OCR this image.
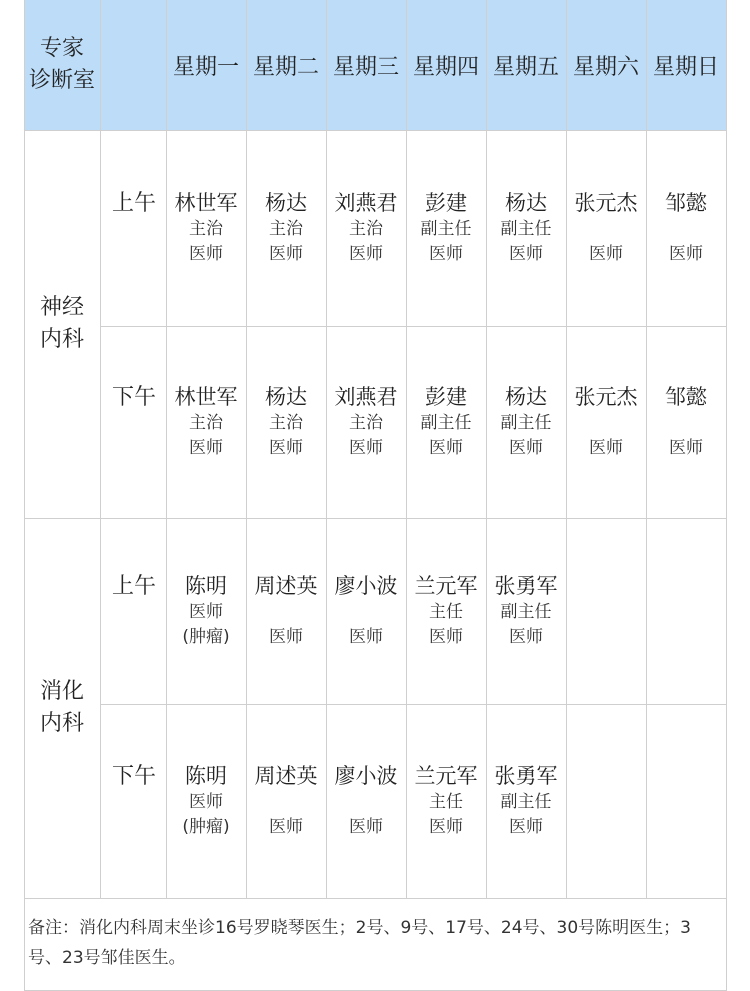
专家
诊断室
星期一 星期二 星期三 星期四 星期五 星期六 星期日
神经
内科
上午 林世军
主治
医师
杨达
主治
医师
刘燕君
主治
医师
彭建
副主任
医师
杨达
副主任
医师
张元杰

医师
邹懿

医师
下午 林世军
主治
医师
杨达
主治
医师
刘燕君
主治
医师
彭建
副主任
医师
杨达
副主任
医师
张元杰

医师
邹懿

医师
消化
内科
上午	陈明
医师
(肿瘤)
周述英

医师
廖小波

医师
兰元军
主任
医师
张勇军
副主任
医师
下午	陈明
医师
(肿瘤)
周述英

医师
廖小波

医师
兰元军
主任
医师
张勇军
副主任
医师
备注：消化内科周末坐诊16号罗晓琴医生；2号、9号、17号、24号、30号陈明医生；3号、23号邹佳医生。
